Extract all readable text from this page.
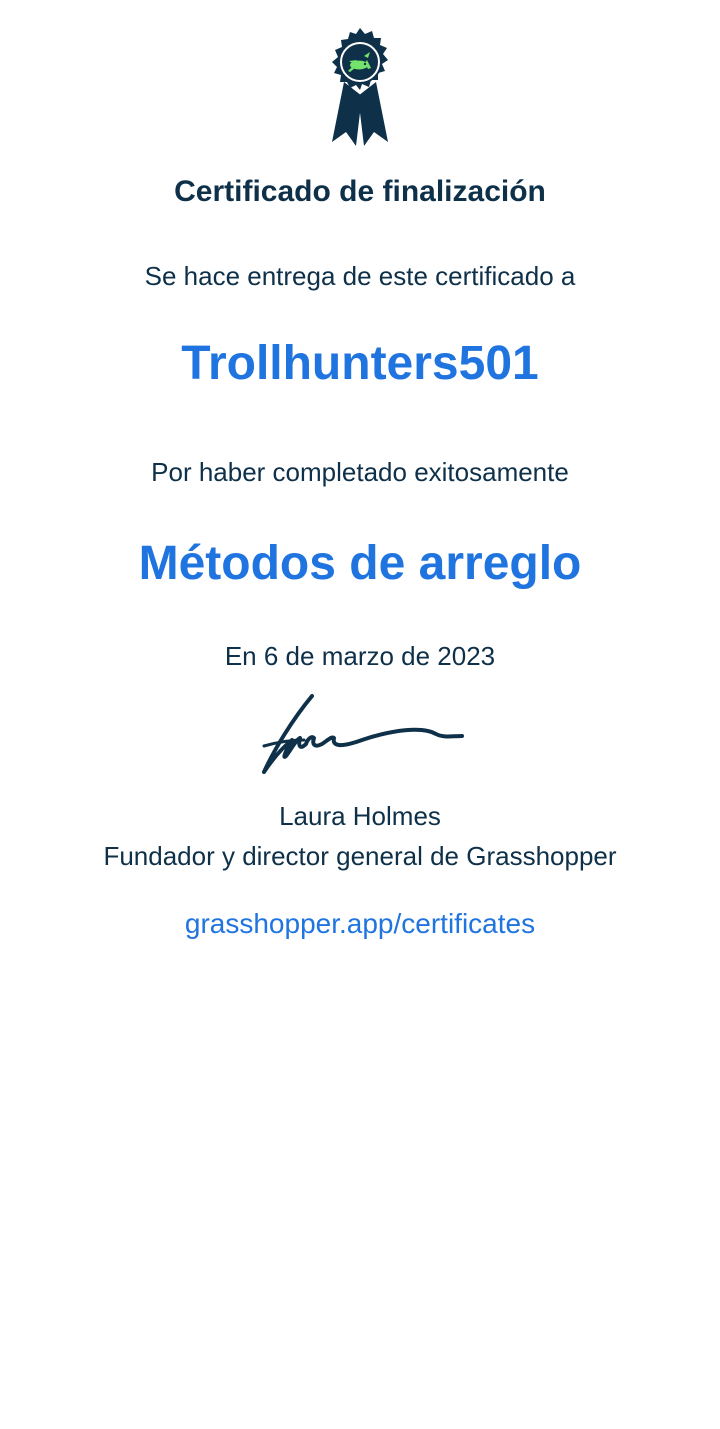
Certificado de finalización
Se hace entrega de este certificado a
Trollhunters501
Por haber completado exitosamente
Métodos de arreglo
En 6 de marzo de 2023
Laura Holmes
Fundador y director general de Grasshopper
grasshopper.app/certificates
